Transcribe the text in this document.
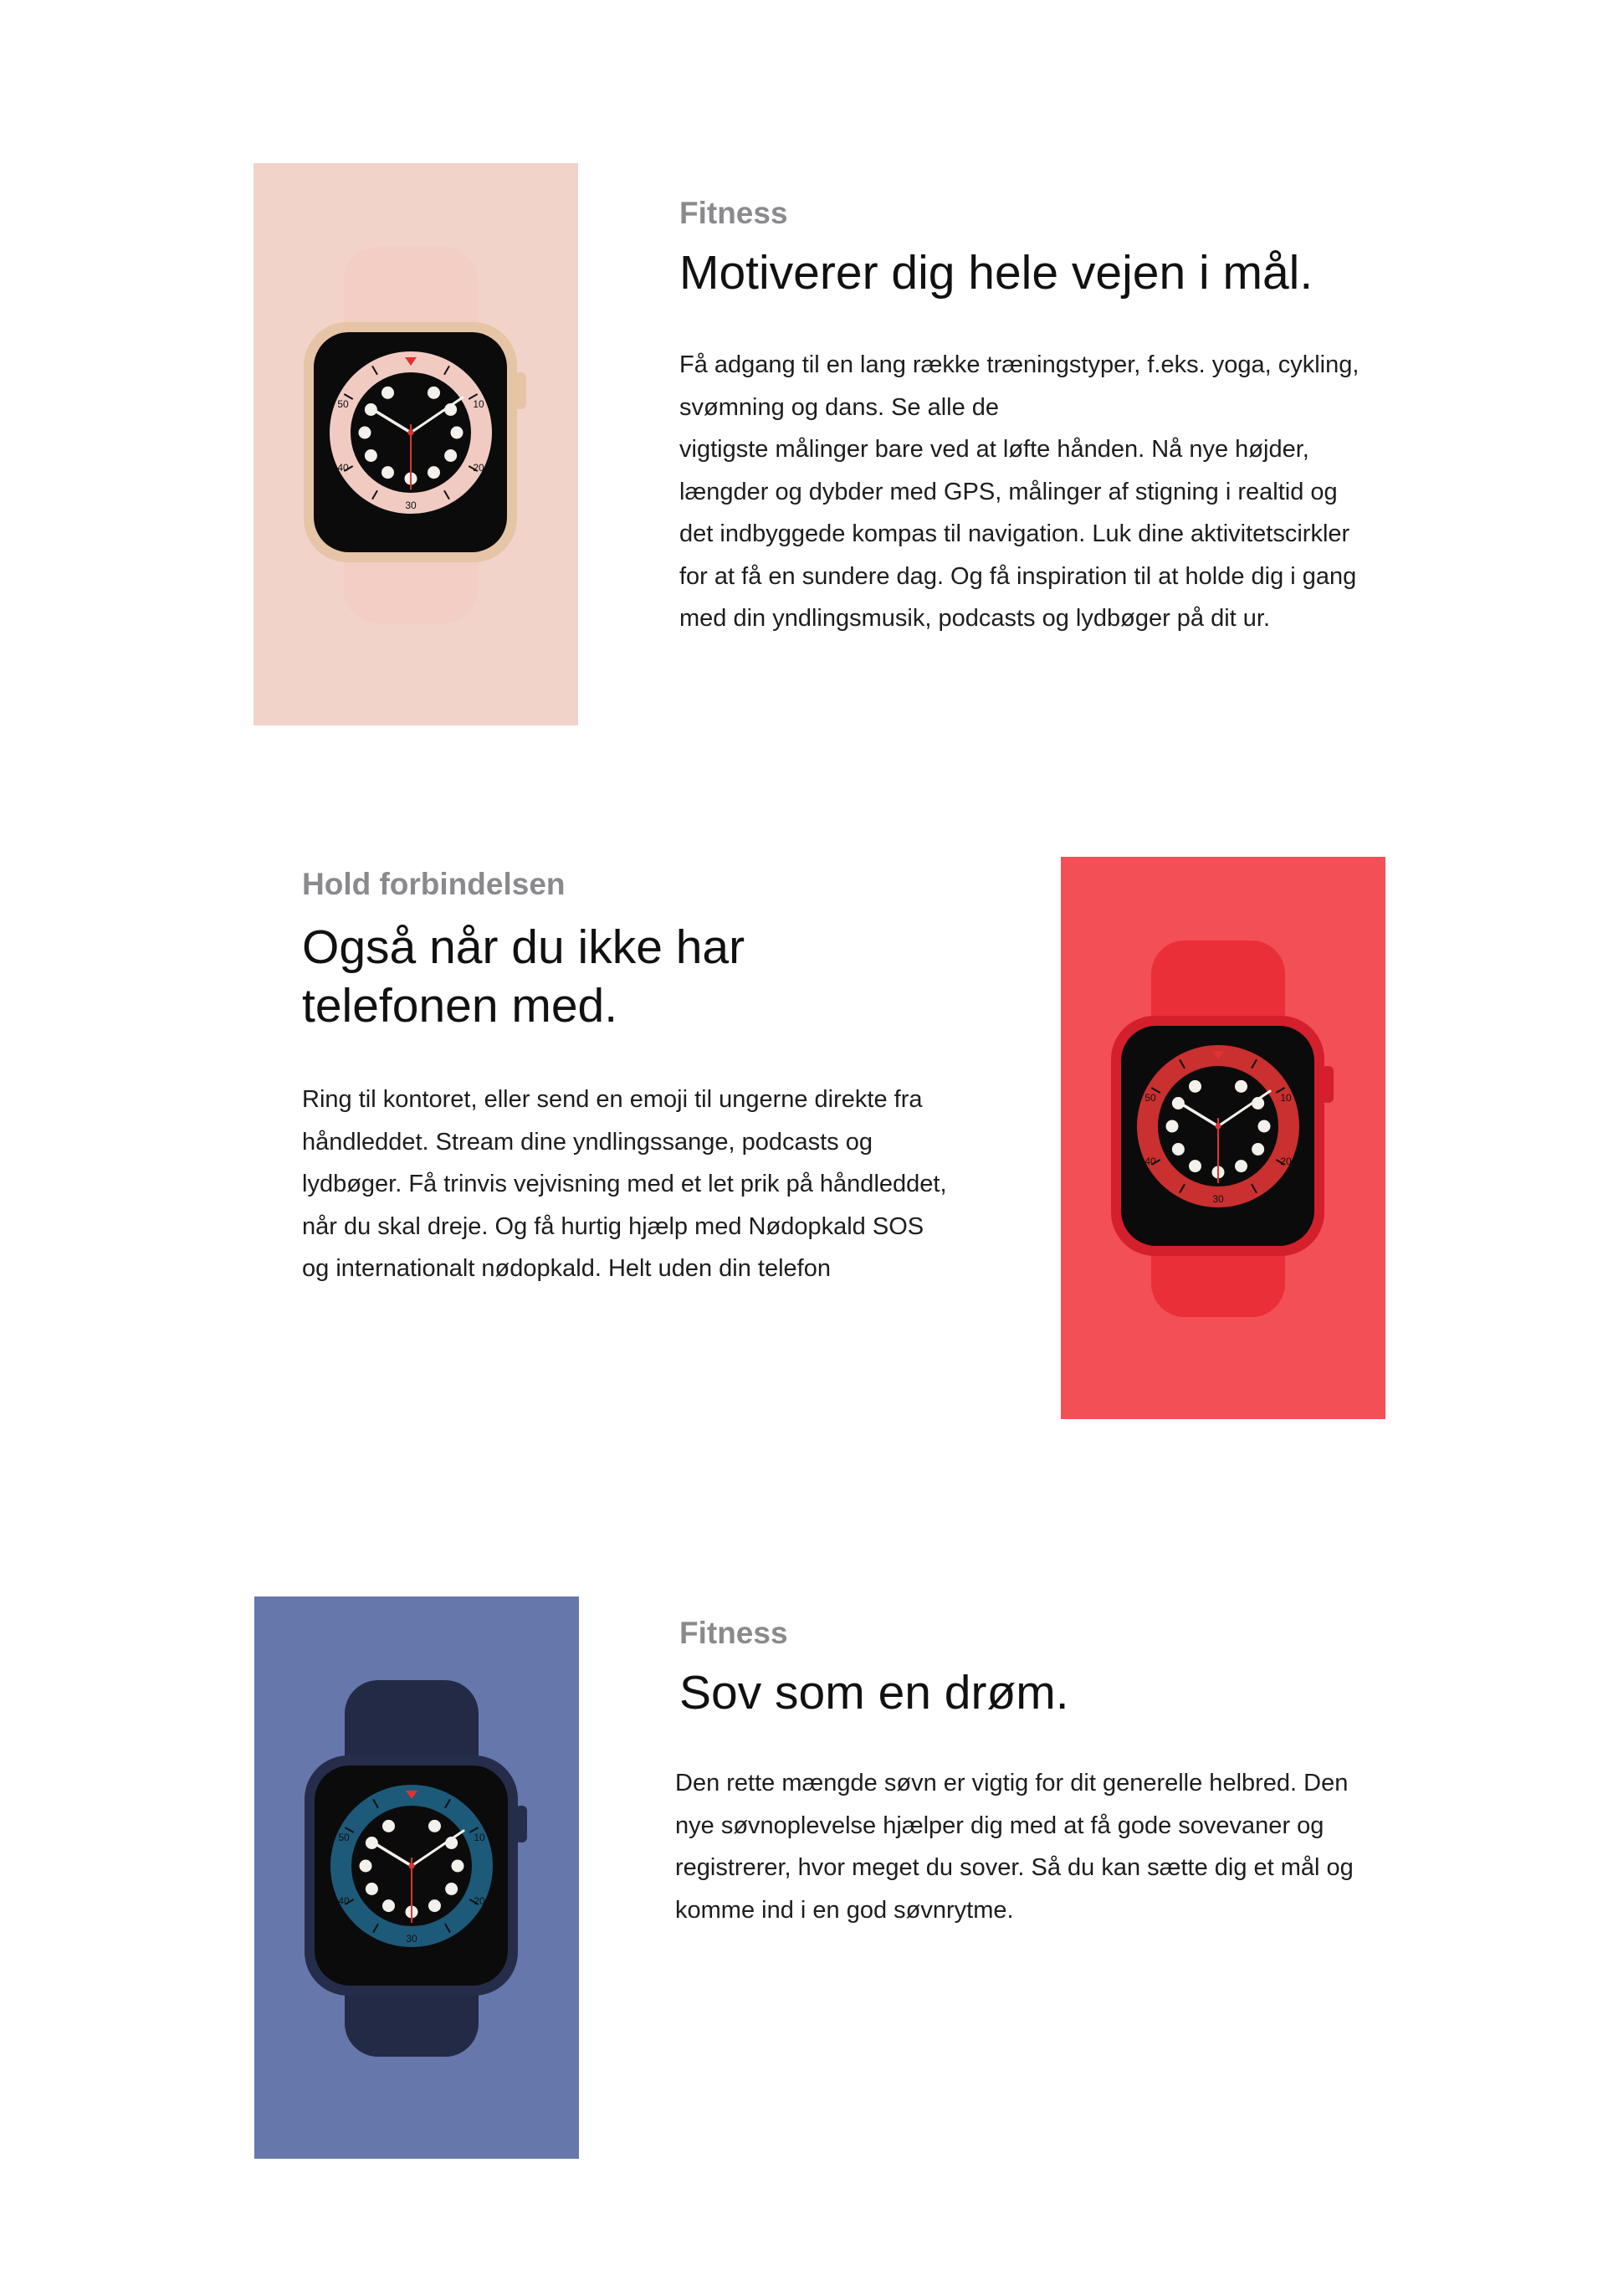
30
20
40
50	10
Fitness
Motiverer dig hele vejen i mål.

Få adgang til en lang række træningstyper, f.eks. yoga, cykling,
svømning og dans. Se alle de
vigtigste målinger bare ved at løfte hånden. Nå nye højder,
længder og dybder med GPS, målinger af stigning i realtid og
det indbyggede kompas til navigation. Luk dine aktivitetscirkler
for at få en sundere dag. Og få inspiration til at holde dig i gang
med din yndlingsmusik, podcasts og lydbøger på dit ur.

Hold forbindelsen
Også når du ikke har
telefonen med.

Ring til kontoret, eller send en emoji til ungerne direkte fra
håndleddet. Stream dine yndlingssange, podcasts og
lydbøger. Få trinvis vejvisning med et let prik på håndleddet,
når du skal dreje. Og få hurtig hjælp med Nødopkald SOS
og internationalt nødopkald. Helt uden din telefon

30
20
40
50	10
30
20
40
50	10
Fitness
Sov som en drøm.

Den rette mængde søvn er vigtig for dit generelle helbred. Den
nye søvnoplevelse hjælper dig med at få gode sovevaner og
registrerer, hvor meget du sover. Så du kan sætte dig et mål og
komme ind i en god søvnrytme.
